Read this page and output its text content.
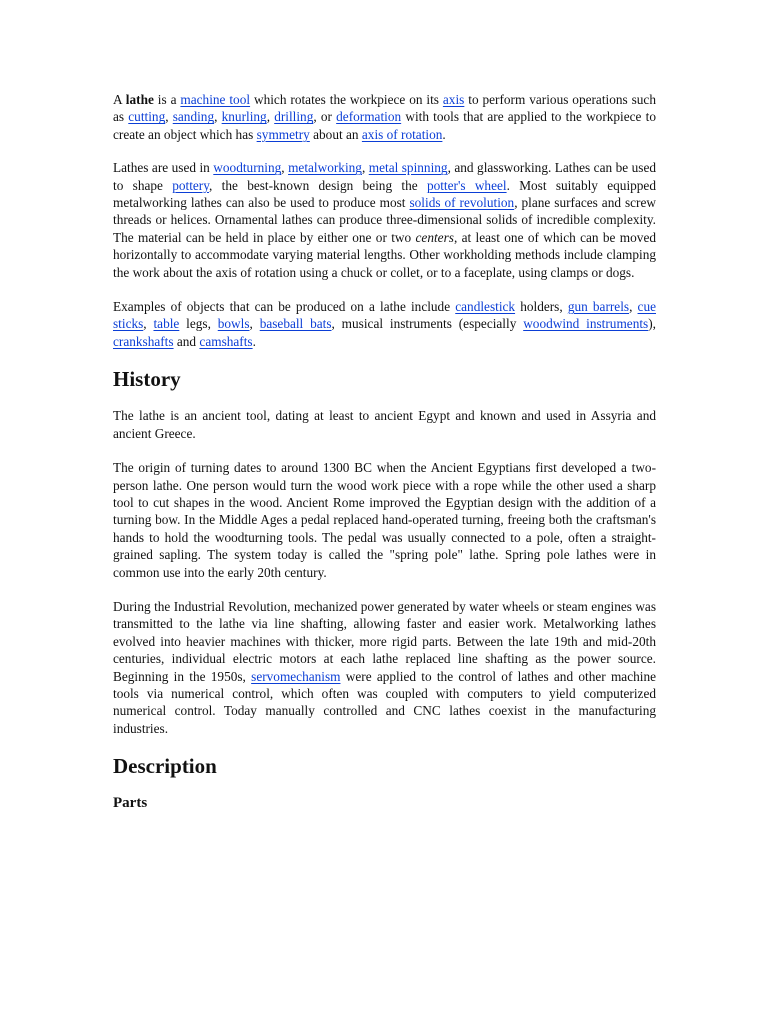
A lathe is a machine tool which rotates the workpiece on its axis to perform various operations such as cutting, sanding, knurling, drilling, or deformation with tools that are applied to the workpiece to create an object which has symmetry about an axis of rotation.

Lathes are used in woodturning, metalworking, metal spinning, and glassworking. Lathes can be used to shape pottery, the best-known design being the potter's wheel. Most suitably equipped metalworking lathes can also be used to produce most solids of revolution, plane surfaces and screw threads or helices. Ornamental lathes can produce three-dimensional solids of incredible complexity. The material can be held in place by either one or two centers, at least one of which can be moved horizontally to accommodate varying material lengths. Other workholding methods include clamping the work about the axis of rotation using a chuck or collet, or to a faceplate, using clamps or dogs.

Examples of objects that can be produced on a lathe include candlestick holders, gun barrels, cue sticks, table legs, bowls, baseball bats, musical instruments (especially woodwind instruments), crankshafts and camshafts.

History

The lathe is an ancient tool, dating at least to ancient Egypt and known and used in Assyria and ancient Greece.

The origin of turning dates to around 1300 BC when the Ancient Egyptians first developed a two-person lathe. One person would turn the wood work piece with a rope while the other used a sharp tool to cut shapes in the wood. Ancient Rome improved the Egyptian design with the addition of a turning bow. In the Middle Ages a pedal replaced hand-operated turning, freeing both the craftsman's hands to hold the woodturning tools. The pedal was usually connected to a pole, often a straight-grained sapling. The system today is called the "spring pole" lathe. Spring pole lathes were in common use into the early 20th century.

During the Industrial Revolution, mechanized power generated by water wheels or steam engines was transmitted to the lathe via line shafting, allowing faster and easier work. Metalworking lathes evolved into heavier machines with thicker, more rigid parts. Between the late 19th and mid-20th centuries, individual electric motors at each lathe replaced line shafting as the power source. Beginning in the 1950s, servomechanism were applied to the control of lathes and other machine tools via numerical control, which often was coupled with computers to yield computerized numerical control. Today manually controlled and CNC lathes coexist in the manufacturing industries.

Description
Parts
